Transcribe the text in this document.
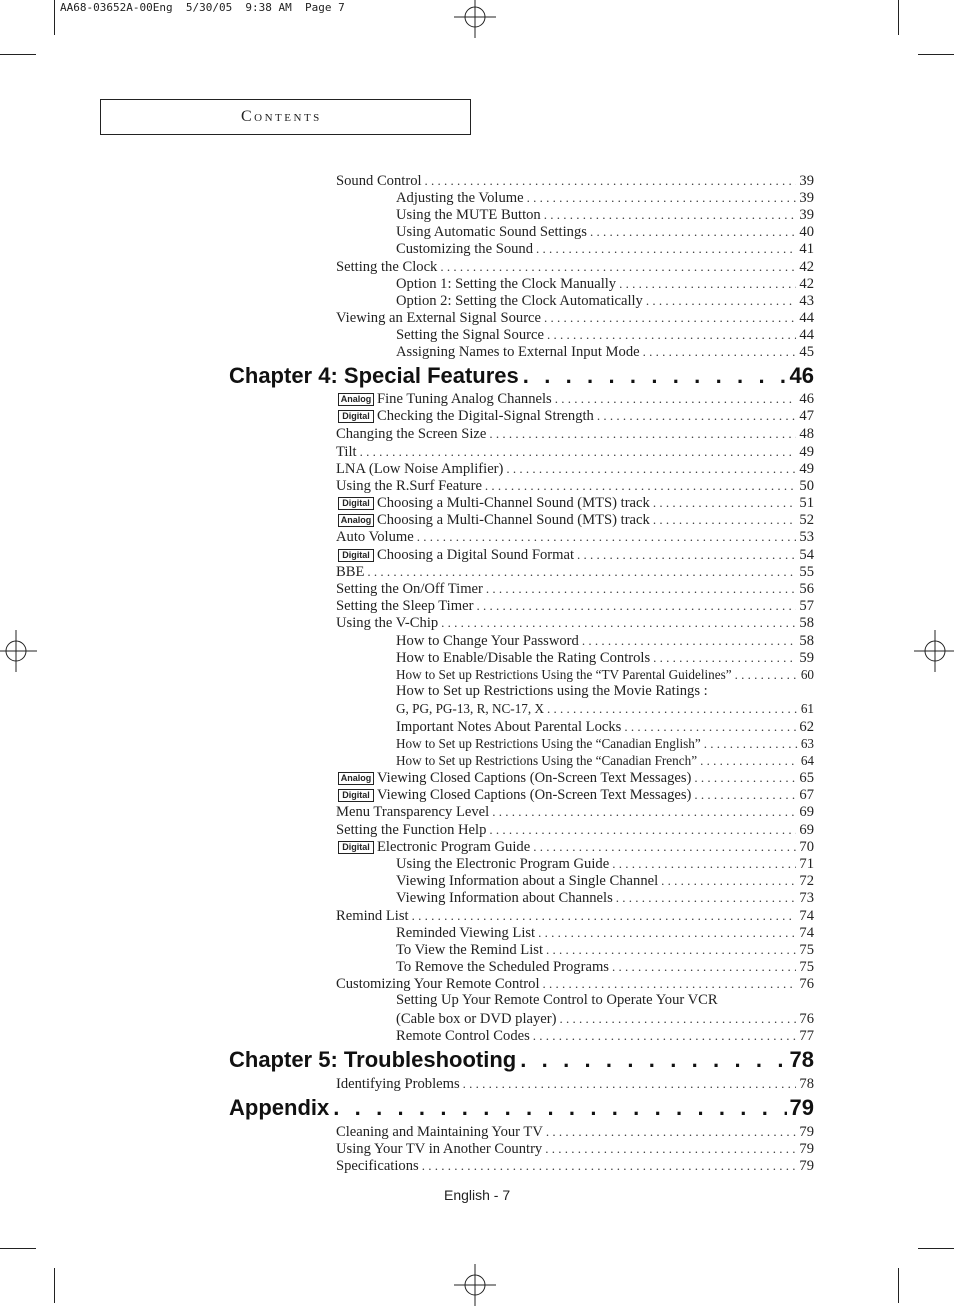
AA68-03652A-00Eng  5/30/05  9:38 AM  Page 7
Contents
Sound Control . . .	39
Adjusting the Volume . . .	39
Using the MUTE Button . . .	39
Using Automatic Sound Settings . . .	40
Customizing the Sound . . .	41
Setting the Clock . . .	42
Option 1: Setting the Clock Manually . . .	42
Option 2: Setting the Clock Automatically . . .	43
Viewing an External Signal Source . . .	44
Setting the Signal Source . . .	44
Assigning Names to External Input Mode . . .	45
Chapter 4: Special Features . . .	46
Analog Fine Tuning Analog Channels . . .	46
Digital Checking the Digital-Signal Strength . . .	47
Changing the Screen Size . . .	48
Tilt . . .	49
LNA (Low Noise Amplifier) . . .	49
Using the R.Surf Feature . . .	50
Digital Choosing a Multi-Channel Sound (MTS) track . . .	51
Analog Choosing a Multi-Channel Sound (MTS) track . . .	52
Auto Volume . . .	53
Digital Choosing a Digital Sound Format . . .	54
BBE . . .	55
Setting the On/Off Timer . . .	56
Setting the Sleep Timer . . .	57
Using the V-Chip . . .	58
How to Change Your Password . . .	58
How to Enable/Disable the Rating Controls . . .	59
How to Set up Restrictions Using the “TV Parental Guidelines” . . .	60
How to Set up Restrictions using the Movie Ratings :
G, PG, PG-13, R, NC-17, X . . .	61
Important Notes About Parental Locks . . .	62
How to Set up Restrictions Using the “Canadian English” . . .	63
How to Set up Restrictions Using the “Canadian French” . . .	64
Analog Viewing Closed Captions (On-Screen Text Messages) . . .	65
Digital Viewing Closed Captions (On-Screen Text Messages) . . .	67
Menu Transparency Level . . .	69
Setting the Function Help . . .	69
Digital Electronic Program Guide . . .	70
Using the Electronic Program Guide . . .	71
Viewing Information about a Single Channel . . .	72
Viewing Information about Channels . . .	73
Remind List . . .	74
Reminded Viewing List . . .	74
To View the Remind List . . .	75
To Remove the Scheduled Programs . . .	75
Customizing Your Remote Control . . .	76
Setting Up Your Remote Control to Operate Your VCR
(Cable box or DVD player) . . .	76
Remote Control Codes . . .	77
Chapter 5: Troubleshooting . . .	78
Identifying Problems . . .	78
Appendix . . .	79
Cleaning and Maintaining Your TV . . .	79
Using Your TV in Another Country . . .	79
Specifications . . .	79
English - 7
